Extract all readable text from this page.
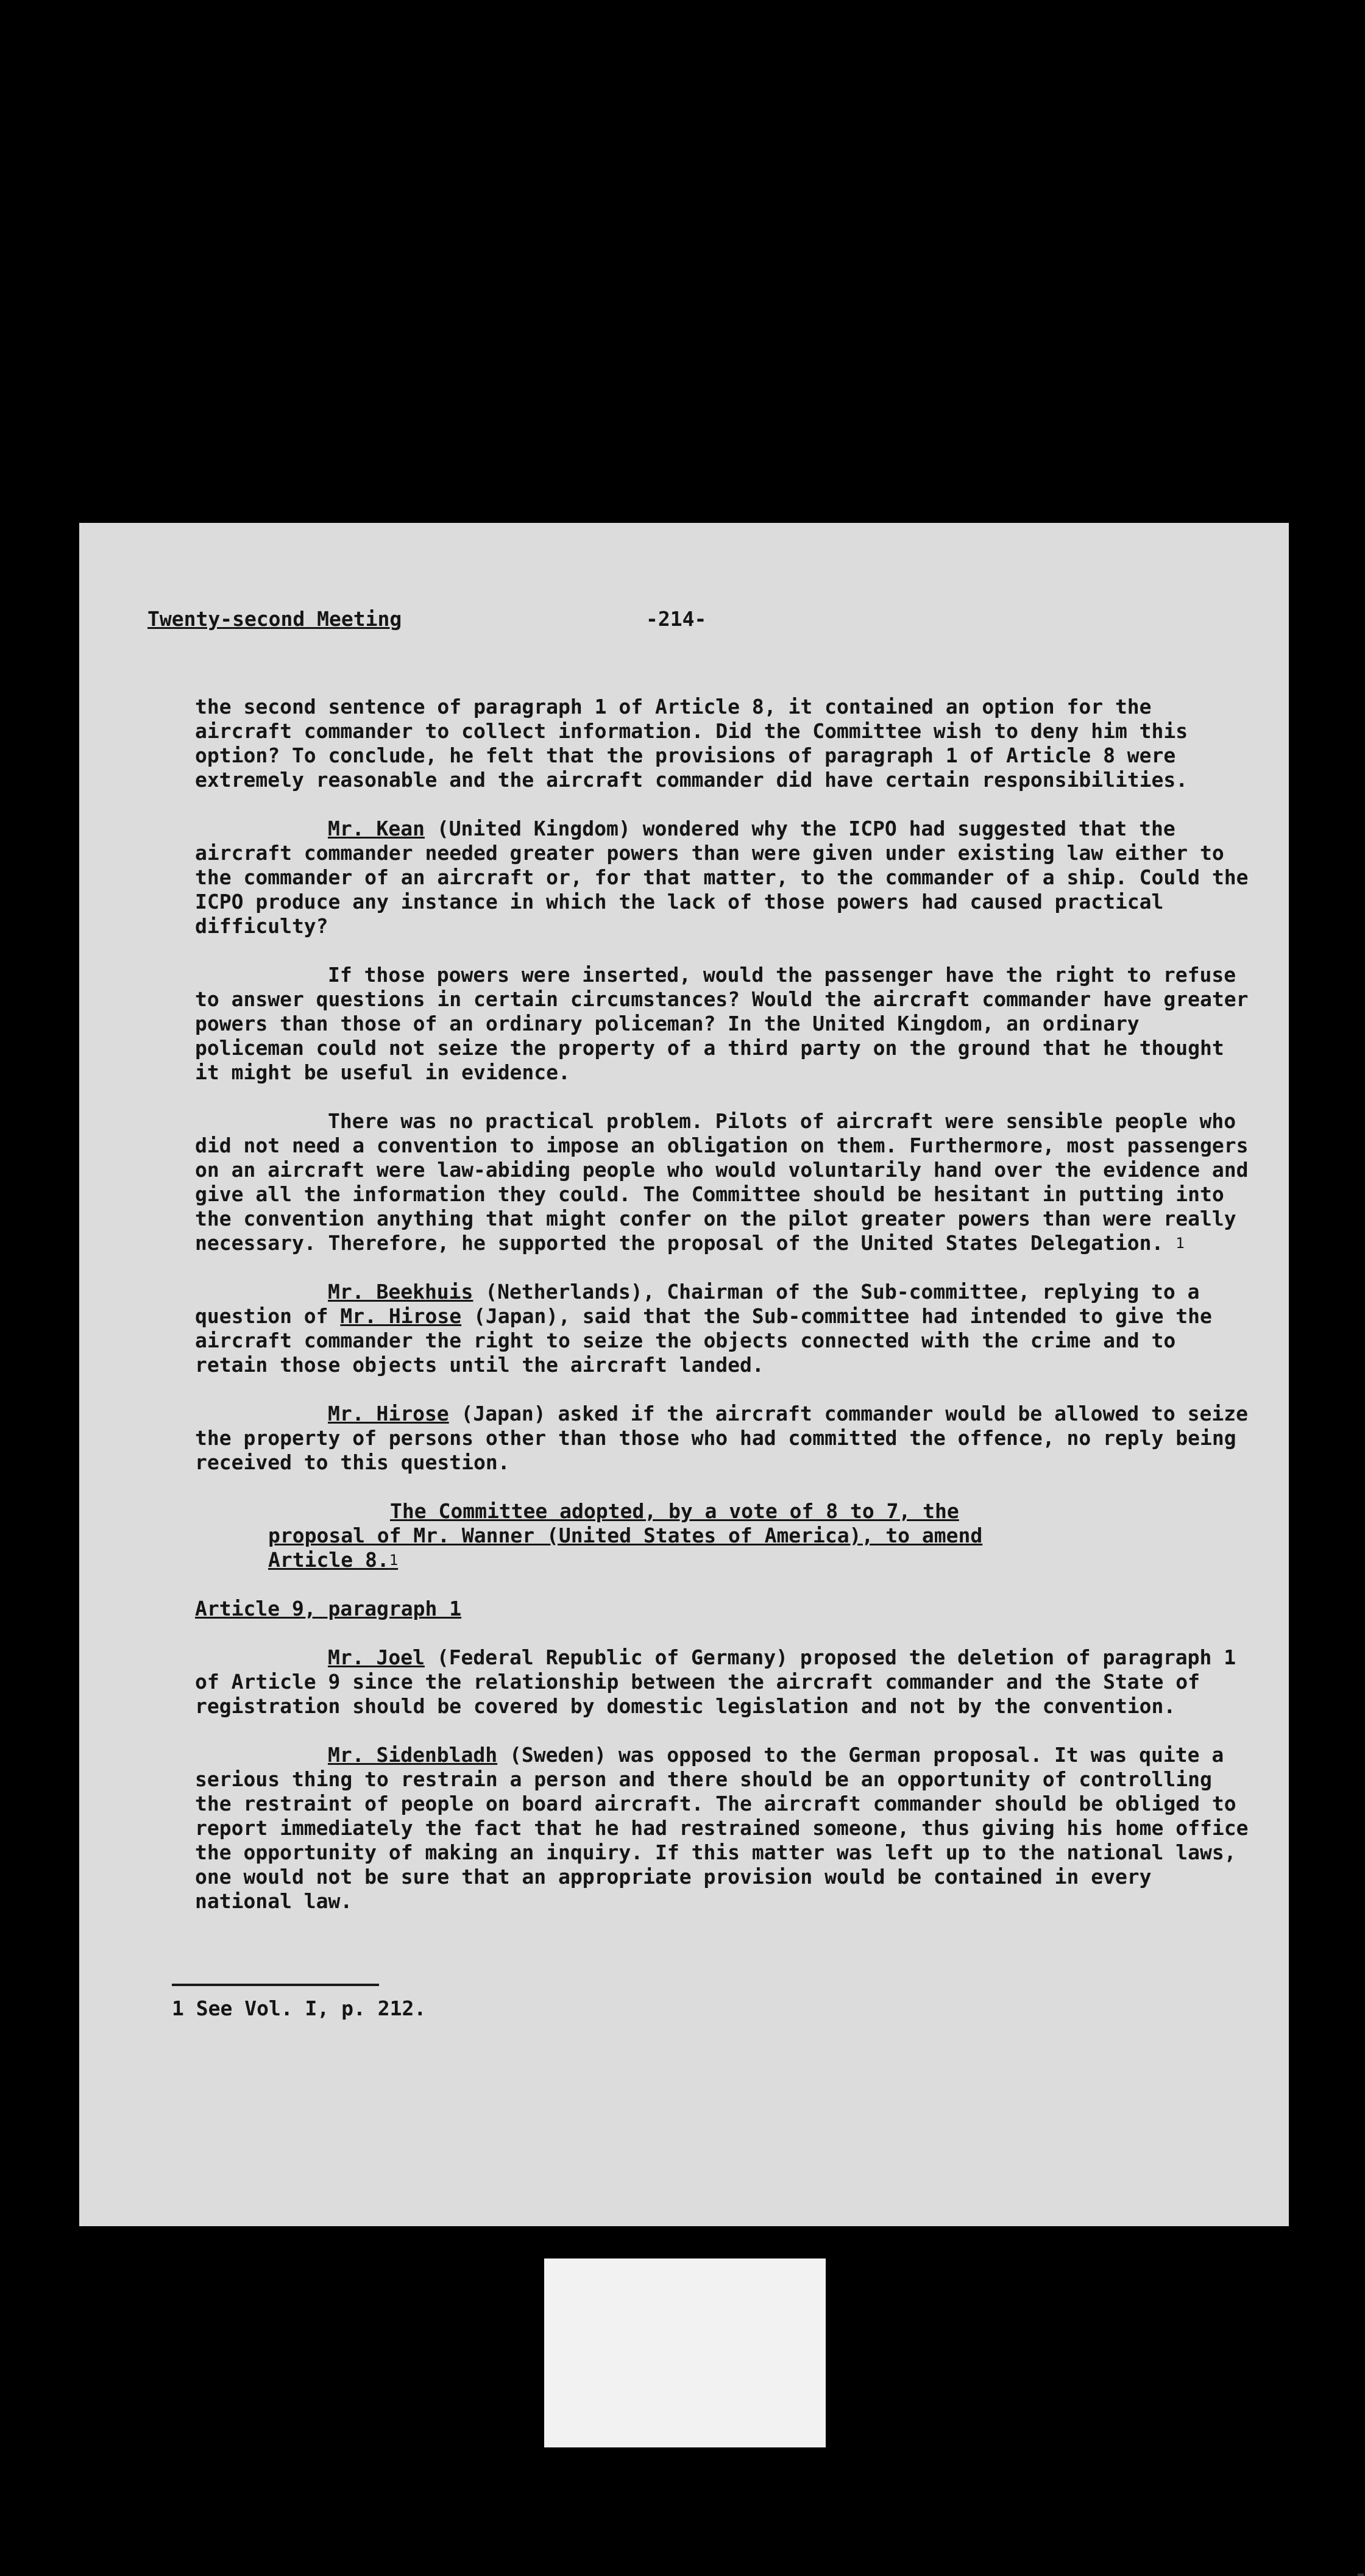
Twenty-second Meeting	-214-

the second sentence of paragraph 1 of Article 8, it contained an option for the aircraft commander to collect information. Did the Committee wish to deny him this option? To conclude, he felt that the provisions of paragraph 1 of Article 8 were extremely reasonable and the aircraft commander did have certain responsibilities.

Mr. Kean (United Kingdom) wondered why the ICPO had suggested that the aircraft commander needed greater powers than were given under existing law either to the commander of an aircraft or, for that matter, to the commander of a ship. Could the ICPO produce any instance in which the lack of those powers had caused practical difficulty?

If those powers were inserted, would the passenger have the right to refuse to answer questions in certain circumstances? Would the aircraft commander have greater powers than those of an ordinary policeman? In the United Kingdom, an ordinary policeman could not seize the property of a third party on the ground that he thought it might be useful in evidence.

There was no practical problem. Pilots of aircraft were sensible people who did not need a convention to impose an obligation on them. Furthermore, most passengers on an aircraft were law-abiding people who would voluntarily hand over the evidence and give all the information they could. The Committee should be hesitant in putting into the convention anything that might confer on the pilot greater powers than were really necessary. Therefore, he supported the proposal of the United States Delegation. $^1$

Mr. Beekhuis (Netherlands), Chairman of the Sub-committee, replying to a question of Mr. Hirose (Japan), said that the Sub-committee had intended to give the aircraft commander the right to seize the objects connected with the crime and to retain those objects until the aircraft landed.

Mr. Hirose (Japan) asked if the aircraft commander would be allowed to seize the property of persons other than those who had committed the offence, no reply being received to this question.

The Committee adopted, by a vote of 8 to 7, the proposal of Mr. Wanner (United States of America), to amend Article 8.$^1$

Article 9, paragraph 1

Mr. Joel (Federal Republic of Germany) proposed the deletion of paragraph 1 of Article 9 since the relationship between the aircraft commander and the State of registration should be covered by domestic legislation and not by the convention.

Mr. Sidenbladh (Sweden) was opposed to the German proposal. It was quite a serious thing to restrain a person and there should be an opportunity of controlling the restraint of people on board aircraft. The aircraft commander should be obliged to report immediately the fact that he had restrained someone, thus giving his home office the opportunity of making an inquiry. If this matter was left up to the national laws, one would not be sure that an appropriate provision would be contained in every national law.

1 See Vol. I, p. 212.
